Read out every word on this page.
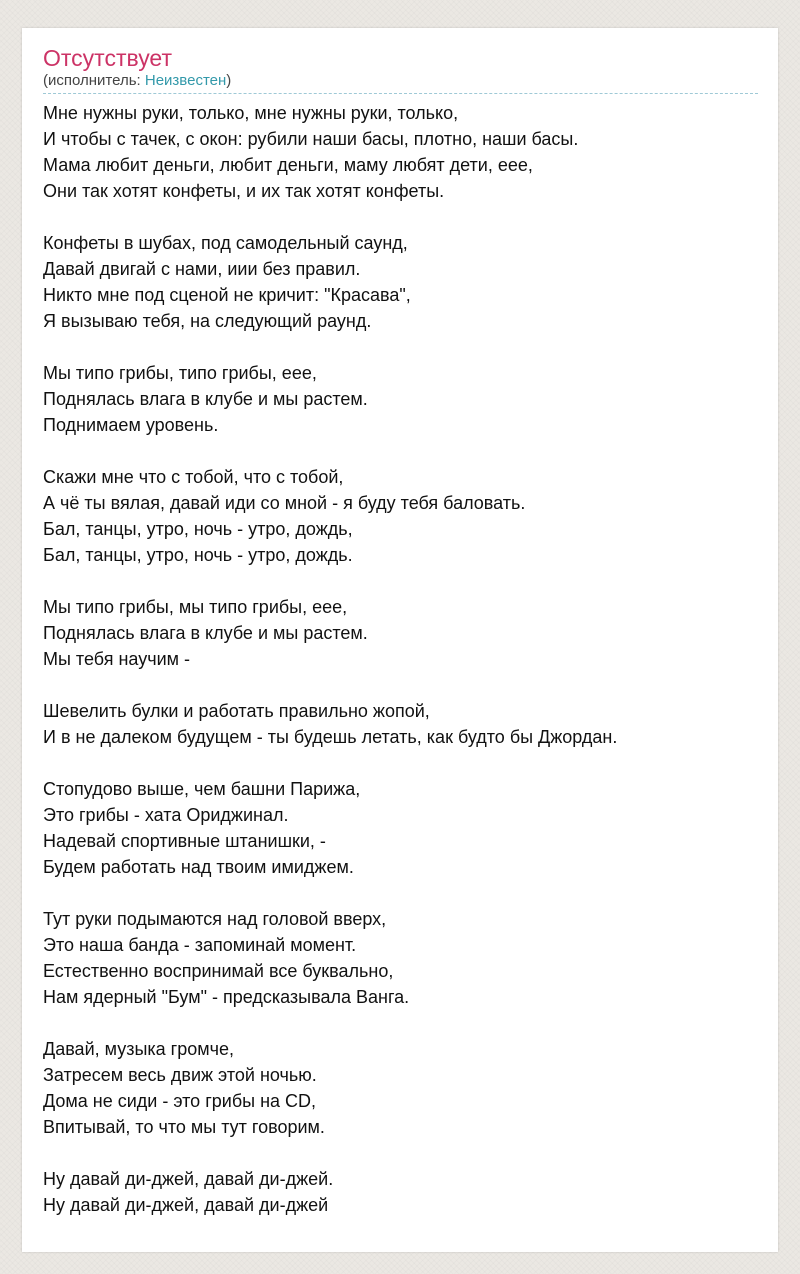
Отсутствует
(исполнитель: Неизвестен)
Мне нужны руки, только, мне нужны руки, только,
И чтобы с тачек, с окон: рубили наши басы, плотно, наши басы.
Мама любит деньги, любит деньги, маму любят дети, еее,
Они так хотят конфеты, и их так хотят конфеты.
Конфеты в шубах, под самодельный саунд,
Давай двигай с нами, иии без правил.
Никто мне под сценой не кричит: "Красава",
Я вызываю тебя, на следующий раунд.
Мы типо грибы, типо грибы, еее,
Поднялась влага в клубе и мы растем.
Поднимаем уровень.
Скажи мне что с тобой, что с тобой,
А чё ты вялая, давай иди со мной - я буду тебя баловать.
Бал, танцы, утро, ночь - утро, дождь,
Бал, танцы, утро, ночь - утро, дождь.
Мы типо грибы, мы типо грибы, еее,
Поднялась влага в клубе и мы растем.
Мы тебя научим -
Шевелить булки и работать правильно жопой,
И в не далеком будущем - ты будешь летать, как будто бы Джордан.
Стопудово выше, чем башни Парижа,
Это грибы - хата Ориджинал.
Надевай спортивные штанишки, -
Будем работать над твоим имиджем.
Тут руки подымаются над головой вверх,
Это наша банда - запоминай момент.
Естественно воспринимай все буквально,
Нам ядерный "Бум" - предсказывала Ванга.
Давай, музыка громче,
Затресем весь движ этой ночью.
Дома не сиди - это грибы на CD,
Впитывай, то что мы тут говорим.
Ну давай ди-джей, давай ди-джей.
Ну давай ди-джей, давай ди-джей
